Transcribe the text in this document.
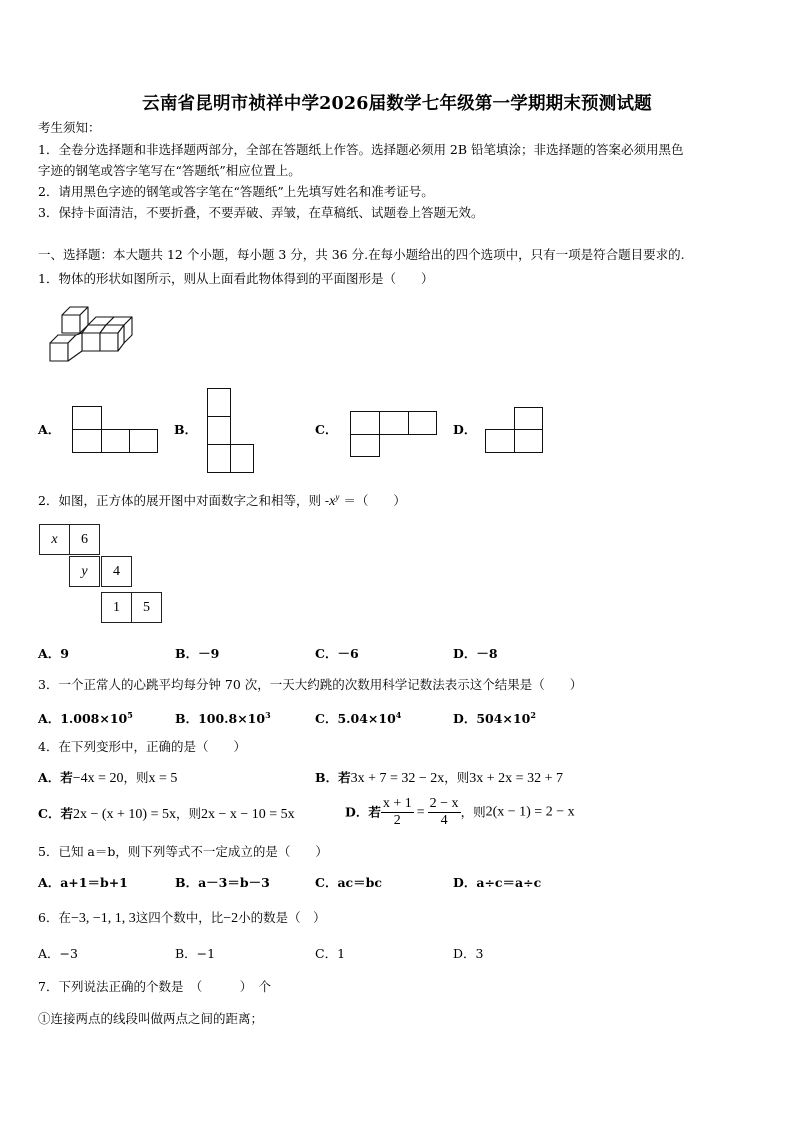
云南省昆明市祯祥中学2026届数学七年级第一学期期末预测试题
考生须知：
1．全卷分选择题和非选择题两部分，全部在答题纸上作答。选择题必须用 2B 铅笔填涂；非选择题的答案必须用黑色
字迹的钢笔或答字笔写在“答题纸”相应位置上。
2．请用黑色字迹的钢笔或答字笔在“答题纸”上先填写姓名和准考证号。
3．保持卡面清洁，不要折叠，不要弄破、弄皱，在草稿纸、试题卷上答题无效。
一、选择题：本大题共 12 个小题，每小题 3 分，共 36 分.在每小题给出的四个选项中，只有一项是符合题目要求的.
1．物体的形状如图所示，则从上面看此物体得到的平面图形是（　　）
A．	B．	C．	D．
2．如图，正方体的展开图中对面数字之和相等，则 $-x^y$ ＝（　　）
x	6
y	4
1	5
A．9	B．－9	C．－6	D．－8
3．一个正常人的心跳平均每分钟 70 次，一天大约跳的次数用科学记数法表示这个结果是（　　）
A．$1.008\times 10^5$	B．$100.8\times 10^3$	C．$5.04\times 10^4$	D．$504\times 10^2$
4．在下列变形中，正确的是（　　）
A．若−4x = 20，则x = 5	B．若3x + 7 = 32 − 2x，则3x + 2x = 32 + 7
C．若2x − (x + 10) = 5x，则2x − x − 10 = 5x	D．若 $\frac{x + 1}{2} = \frac{2 - x}{4}$ ，则2(x − 1) = 2 − x
5．已知 a＝b，则下列等式不一定成立的是（　　）
A．a+1＝b+1	B．a－3＝b－3	C．ac＝bc	D．a÷c＝a÷c
6．在−3, −1, 1, 3这四个数中，比−2小的数是（　）
A．−3	B．−1	C．1	D．3
7．下列说法正确的个数是　（　　　）　个
①连接两点的线段叫做两点之间的距离；
